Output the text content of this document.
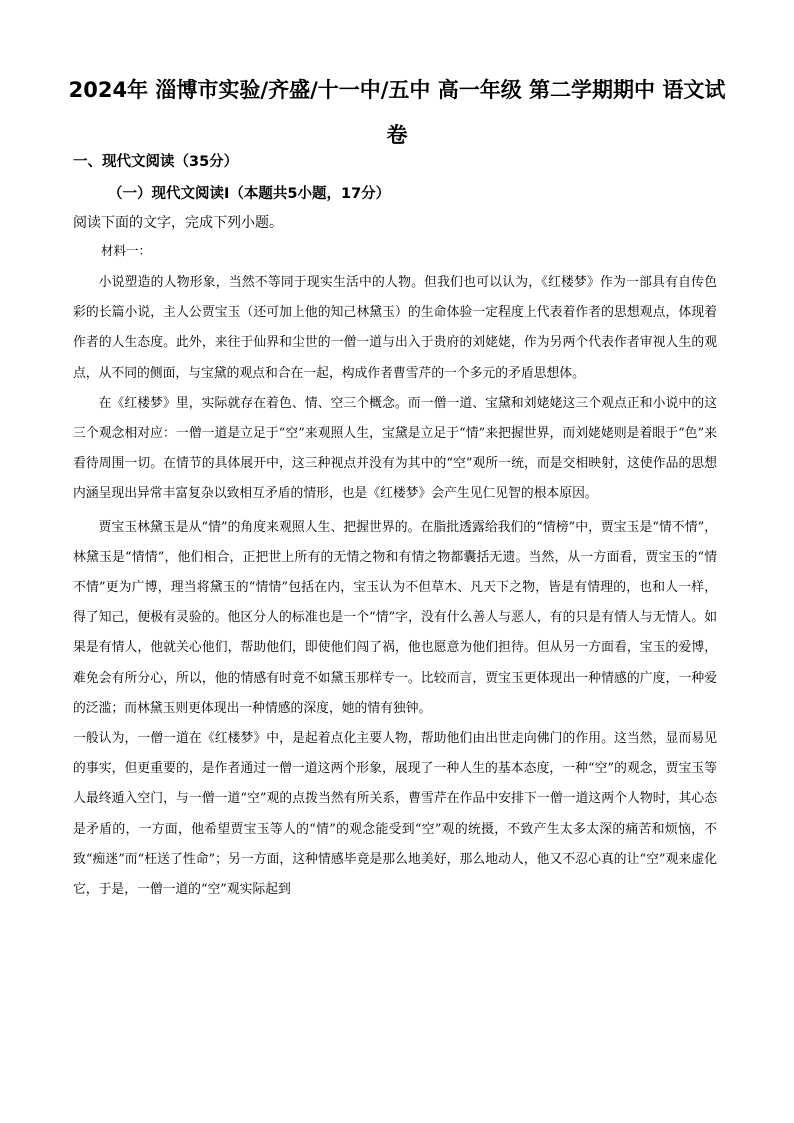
2024年 淄博市实验/齐盛/十一中/五中 高一年级 第二学期期中 语文试卷
一、现代文阅读（35分）
（一）现代文阅读Ⅰ（本题共5小题，17分）

阅读下面的文字，完成下列小题。

材料一：

小说塑造的人物形象，当然不等同于现实生活中的人物。但我们也可以认为，《红楼梦》作为一部具有自传色彩的长篇小说，主人公贾宝玉（还可加上他的知己林黛玉）的生命体验一定程度上代表着作者的思想观点，体现着作者的人生态度。此外，来往于仙界和尘世的一僧一道与出入于贵府的刘姥姥，作为另两个代表作者审视人生的观点，从不同的侧面，与宝黛的观点和合在一起，构成作者曹雪芹的一个多元的矛盾思想体。

在《红楼梦》里，实际就存在着色、情、空三个概念。而一僧一道、宝黛和刘姥姥这三个观点正和小说中的这三个观念相对应：一僧一道是立足于“空”来观照人生，宝黛是立足于“情”来把握世界，而刘姥姥则是着眼于“色”来看待周围一切。在情节的具体展开中，这三种视点并没有为其中的“空”观所一统，而是交相映射，这使作品的思想内涵呈现出异常丰富复杂以致相互矛盾的情形，也是《红楼梦》会产生见仁见智的根本原因。

贾宝玉林黛玉是从“情”的角度来观照人生、把握世界的。在脂批透露给我们的“情榜”中，贾宝玉是“情不情”，林黛玉是“情情”，他们相合，正把世上所有的无情之物和有情之物都囊括无遗。当然，从一方面看，贾宝玉的“情不情”更为广博，理当将黛玉的“情情”包括在内，宝玉认为不但草木、凡天下之物，皆是有情理的，也和人一样，得了知己，便极有灵验的。他区分人的标准也是一个“情”字，没有什么善人与恶人，有的只是有情人与无情人。如果是有情人，他就关心他们，帮助他们，即使他们闯了祸，他也愿意为他们担待。但从另一方面看，宝玉的爱博，难免会有所分心，所以，他的情感有时竟不如黛玉那样专一。比较而言，贾宝玉更体现出一种情感的广度，一种爱的泛滥；而林黛玉则更体现出一种情感的深度，她的情有独钟。

一般认为，一僧一道在《红楼梦》中，是起着点化主要人物，帮助他们由出世走向佛门的作用。这当然，显而易见的事实，但更重要的，是作者通过一僧一道这两个形象，展现了一种人生的基本态度，一种“空”的观念，贾宝玉等人最终遁入空门，与一僧一道“空”观的点拨当然有所关系，曹雪芹在作品中安排下一僧一道这两个人物时，其心态是矛盾的，一方面，他希望贾宝玉等人的“情”的观念能受到“空”观的统摄，不致产生太多太深的痛苦和烦恼，不致“痴迷”而“枉送了性命”；另一方面，这种情感毕竟是那么地美好，那么地动人，他又不忍心真的让“空”观来虚化它，于是，一僧一道的“空”观实际起到
